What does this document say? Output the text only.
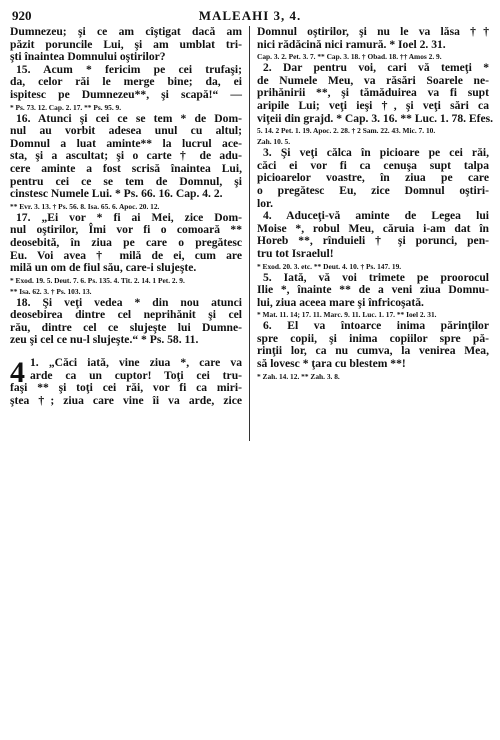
920	MALEAHI 3, 4.
Dumnezeu; şi ce am cîştigat dacă am
păzit poruncile Lui, şi am umblat tri-
şti înaintea Domnului oştirilor?
15. Acum * fericim pe cei trufaşi;
da, celor răi le merge bine; da, ei
ispitesc pe Dumnezeu**, şi scapă!“ —
* Ps. 73. 12. Cap. 2. 17. ** Ps. 95. 9.
16. Atunci şi cei ce se tem * de Dom-
nul au vorbit adesea unul cu altul;
Domnul a luat aminte** la lucrul ace-
sta, şi a ascultat; şi o carte † de adu-
cere aminte a fost scrisă înaintea Lui,
pentru cei ce se tem de Domnul, şi
cinstesc Numele Lui. * Ps. 66. 16. Cap. 4. 2.
** Evr. 3. 13. † Ps. 56. 8. Isa. 65. 6. Apoc. 20. 12.
17. „Ei vor * fi ai Mei, zice Dom-
nul oştirilor, Îmi vor fi o comoară **
deosebită, în ziua pe care o pregătesc
Eu. Voi avea † milă de ei, cum are
milă un om de fiul său, care-i slujeşte.
* Exod. 19. 5. Deut. 7. 6. Ps. 135. 4. Tit. 2. 14. 1 Pet. 2. 9.
** Isa. 62. 3. † Ps. 103. 13.
18. Şi veţi vedea * din nou atunci
deosebirea dintre cel neprihănit şi cel
rău, dintre cel ce slujeşte lui Dumne-
zeu şi cel ce nu-l slujeşte.“ * Ps. 58. 11.
4 1. „Căci iată, vine ziua *, care va
arde ca un cuptor! Toţi cei tru-
faşi ** şi toţi cei răi, vor fi ca miri-
ştea †; ziua care vine îi va arde, zice
Domnul oştirilor, şi nu le va lăsa ††
nici rădăcină nici ramură. * Ioel 2. 31.
Cap. 3. 2. Pet. 3. 7. ** Cap. 3. 18. † Obad. 18. †† Amos 2. 9.
2. Dar pentru voi, cari vă temeţi *
de Numele Meu, va răsări Soarele ne-
prihănirii **, şi tămăduirea va fi supt
aripile Lui; veţi ieşi †, şi veţi sări ca
viţeii din grajd. * Cap. 3. 16. ** Luc. 1. 78. Efes.
5. 14. 2 Pet. 1. 19. Apoc. 2. 28. † 2 Sam. 22. 43. Mic. 7. 10.
Zah. 10. 5.
3. Şi veţi călca în picioare pe cei răi,
căci ei vor fi ca cenuşa supt talpa
picioarelor voastre, în ziua pe care
o pregătesc Eu, zice Domnul oştiri-
lor.
4. Aduceţi-vă aminte de Legea lui
Moise *, robul Meu, căruia i-am dat în
Horeb **, rînduieli † şi porunci, pen-
tru tot Israelul!
* Exod. 20. 3. etc. ** Deut. 4. 10. † Ps. 147. 19.
5. Iată, vă voi trimete pe proorocul
Ilie *, înainte ** de a veni ziua Domnu-
lui, ziua aceea mare şi înfricoşată.
* Mat. 11. 14; 17. 11. Marc. 9. 11. Luc. 1. 17. ** Ioel 2. 31.
6. El va întoarce inima părinţilor
spre copii, şi inima copiilor spre pă-
rinţii lor, ca nu cumva, la venirea Mea,
să lovesc * ţara cu blestem **!
* Zah. 14. 12. ** Zah. 3. 8.
